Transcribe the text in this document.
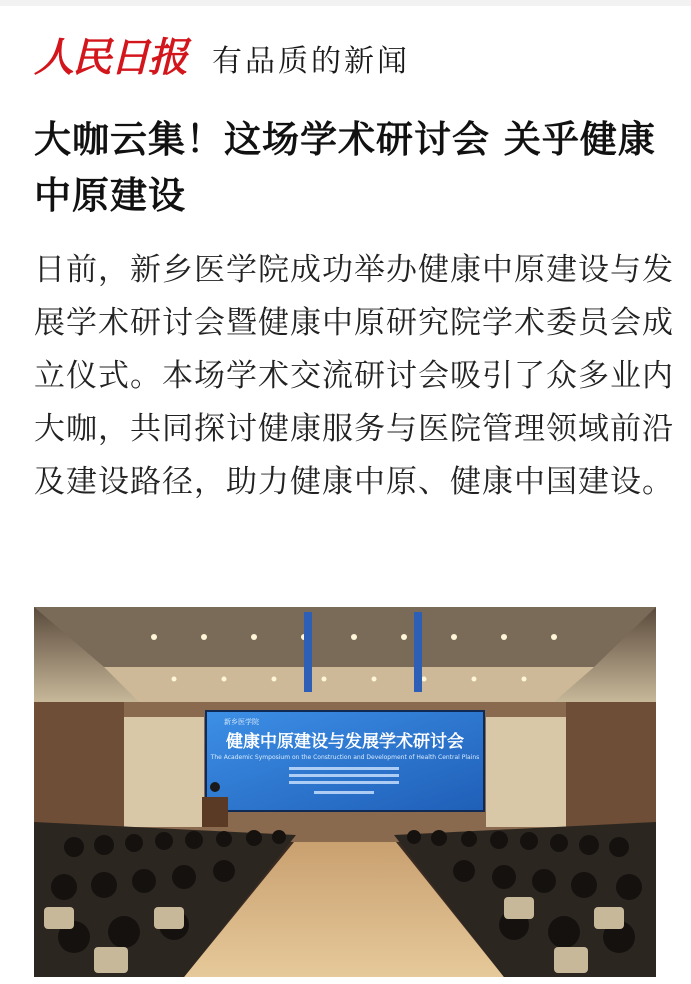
人民日报 有品质的新闻
大咖云集！这场学术研讨会 关乎健康中原建设

日前，新乡医学院成功举办健康中原建设与发展学术研讨会暨健康中原研究院学术委员会成立仪式。本场学术交流研讨会吸引了众多业内大咖，共同探讨健康服务与医院管理领域前沿及建设路径，助力健康中原、健康中国建设。

新乡医学院
健康中原建设与发展学术研讨会
The Academic Symposium on the Construction and Development of Health Central Plains
